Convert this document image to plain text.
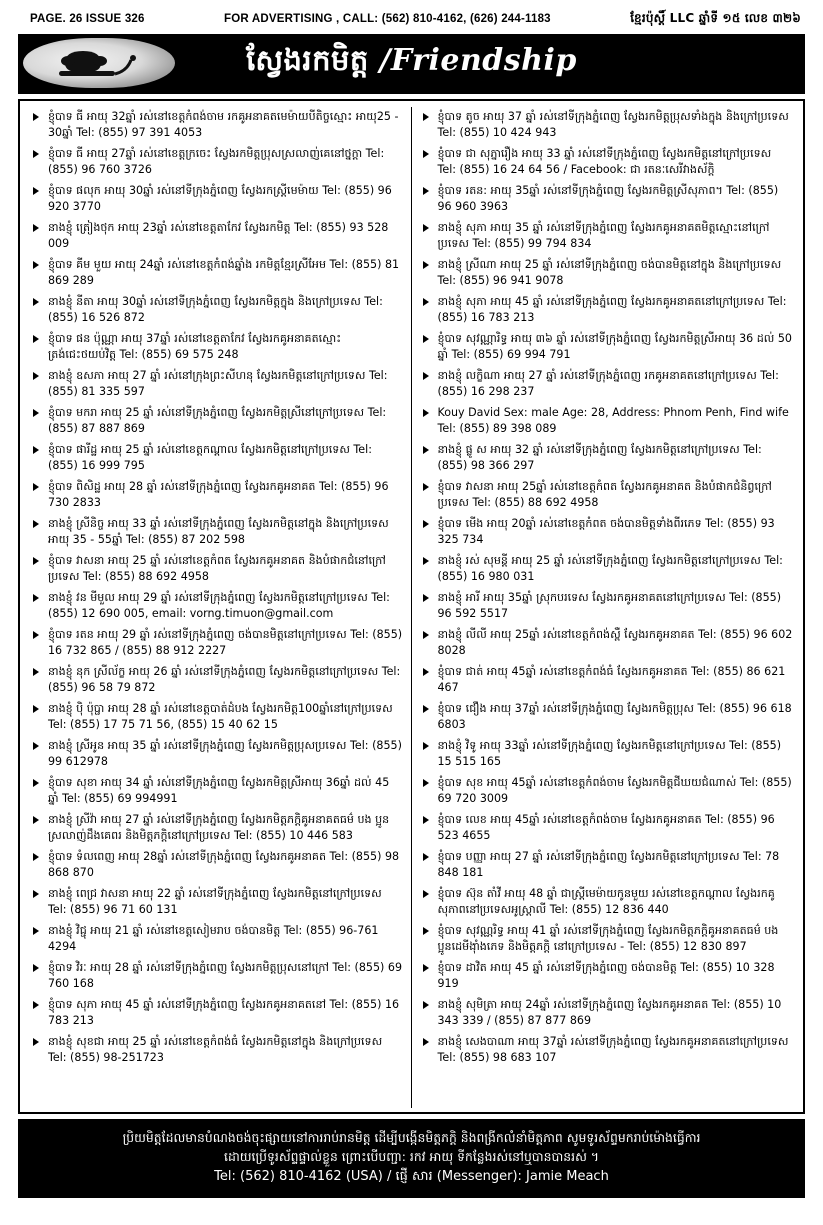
PAGE. 26 ISSUE 326	FOR ADVERTISING , CALL: (562) 810-4162, (626) 244-1183	ខ្មែរប៉ុស្តិ៍ LLC ឆ្នាំទី ១៥ លេខ ៣២៦
ស្វែងរកមិត្ត /Friendship
ខ្ញុំបាទ ធី អាយុ 32ឆ្នាំ រស់នៅខេត្តកំពង់ចាម រកគូអនាគតមេម៉ាយបីតិច្ចស្មោះ អាយុ25 - 30ឆ្នាំ Tel: (855) 97 391 4053
ខ្ញុំបាទ ធី អាយុ 27ឆ្នាំ រស់នៅខេត្តក្រចេះ ស្វែងរកមិត្តប្រុសស្រលាញ់គេនៅថ្នក្តា Tel: (855) 96 760 3726
ខ្ញុំបាទ ផលុក អាយុ 30ឆ្នាំ រស់នៅទីក្រុងភ្នំពេញ ស្វែងរកស្ត្រីមេម៉ាយ Tel: (855) 96 920 3770
នាងខ្ញុំ ត្រៀងថុក អាយុ 23ឆ្នាំ រស់នៅខេត្តតាកែវ ស្វែងរកមិត្ត Tel: (855) 93 528 009
ខ្ញុំបាទ គីម មួយ អាយុ 24ឆ្នាំ រស់នៅខេត្តកំពង់ឆ្នាំង រកមិត្តខ្មែរស្រីអែម Tel: (855) 81 869 289
នាងខ្ញុំ នីតា អាយុ 30ឆ្នាំ រស់នៅទីក្រុងភ្នំពេញ ស្វែងរកមិត្តក្នុង និងក្រៅប្រទេស Tel: (855) 16 526 872
ខ្ញុំបាទ ផន ប៉ុណ្ណា អាយុ 37ឆ្នាំ រស់នៅខេត្តតាកែវ ស្វែងរកគូអនាគតស្មោះត្រង់ជេះថយប់វិត្ត Tel: (855) 69 575 248
នាងខ្ញុំ ឧសភា អាយុ 27 ឆ្នាំ រស់នៅក្រុងព្រះសីហនុ ស្វែងរកមិត្តនៅក្រៅប្រទេស Tel: (855) 81 335 597
ខ្ញុំបាទ មករា អាយុ 25 ឆ្នាំ រស់នៅទីក្រុងភ្នំពេញ ស្វែងរកមិត្តស្រីនៅក្រៅប្រទេស Tel: (855) 87 887 869
ខ្ញុំបាទ ផារីដ្ឋ អាយុ 25 ឆ្នាំ រស់នៅខេត្តកណ្តាល ស្វែងរកមិត្តនៅក្រៅប្រទេស Tel: (855) 16 999 795
ខ្ញុំបាទ ពិសិដ្ឋ អាយុ 28 ឆ្នាំ រស់នៅទីក្រុងភ្នំពេញ ស្វែងរកគូអនាគត Tel: (855) 96 730 2833
នាងខ្ញុំ ស្រីនិច្ច អាយុ 33 ឆ្នាំ រស់នៅទីក្រុងភ្នំពេញ ស្វែងរកមិត្តនៅក្នុង និងក្រៅប្រទេស អាយុ 35 - 55ឆ្នាំ Tel: (855) 87 202 598
ខ្ញុំបាទ វាសនា អាយុ 25 ឆ្នាំ រស់នៅខេត្តកំពត ស្វែងរកគូអនាគត និងបំផាកជំនៅក្រៅប្រទេស Tel: (855) 88 692 4958
នាងខ្ញុំ វន មីមួល អាយុ 29 ឆ្នាំ រស់នៅទីក្រុងភ្នំពេញ ស្វែងរកមិត្តនៅក្រៅប្រទេស Tel: (855) 12 690 005, email: vorng.timuon@gmail.com
ខ្ញុំបាទ រតន អាយុ 29 ឆ្នាំ រស់នៅទីក្រុងភ្នំពេញ ចង់បានមិត្តនៅក្រៅប្រទេស Tel: (855) 16 732 865 / (855) 88 912 2227
នាងខ្ញុំ នុក ស្រីល័ក្ខ អាយុ 26 ឆ្នាំ រស់នៅទីក្រុងភ្នំពេញ ស្វែងរកមិត្តនៅក្រៅប្រទេស Tel: (855) 96 58 79 872
នាងខ្ញុំ ប៉ិ ប៉ុប្ផា អាយុ 28 ឆ្នាំ រស់នៅខេត្តបាត់ដំបង ស្វែងរកមិត្ត100ឆ្នាំនៅក្រៅប្រទេស Tel: (855) 17 75 71 56, (855) 15 40 62 15
នាងខ្ញុំ ស្រីអូន អាយុ 35 ឆ្នាំ រស់នៅទីក្រុងភ្នំពេញ ស្វែងរកមិត្តប្រុសប្រទេស Tel: (855) 99 612978
ខ្ញុំបាទ សុខា អាយុ 34 ឆ្នាំ រស់នៅទីក្រុងភ្នំពេញ ស្វែងរកមិត្តស្រីអាយុ 36ឆ្នាំ ដល់ 45 ឆ្នាំ Tel: (855) 69 994991
នាងខ្ញុំ ស្រីវ៉ា អាយុ 27 ឆ្នាំ រស់នៅទីក្រុងភ្នំពេញ ស្វែងរកមិត្តភក្តិគូអនាគតធម៌ បង ប្អូនស្រលាញ់ដឹងគេពរ និងមិត្តភក្តិនៅក្រៅប្រទេស Tel: (855) 10 446 583
ខ្ញុំបាទ ទំលពេញ អាយុ 28ឆ្នាំ រស់នៅទីក្រុងភ្នំពេញ ស្វែងរកគូអនាគត Tel: (855) 98 868 870
នាងខ្ញុំ ពេជ្រ វាសនា អាយុ 22 ឆ្នាំ រស់នៅទីក្រុងភ្នំពេញ ស្វែងរកមិត្តនៅក្រៅប្រទេស Tel: (855) 96 71 60 131
នាងខ្ញុំ វិជ្ជុ អាយុ 21 ឆ្នាំ រស់នៅខេត្តសៀមរាប ចង់បានមិត្ត Tel: (855) 96-761 4294
ខ្ញុំបាទ វិរៈ អាយុ 28 ឆ្នាំ រស់នៅទីក្រុងភ្នំពេញ ស្វែងរកមិត្តប្រុសនៅក្រៅ Tel: (855) 69 760 168
ខ្ញុំបាទ សុភា អាយុ 45 ឆ្នាំ រស់នៅទីក្រុងភ្នំពេញ ស្វែងរកគូអនាគតនៅ Tel: (855) 16 783 213
នាងខ្ញុំ សុខជា អាយុ 25 ឆ្នាំ រស់នៅខេត្តកំពង់ធំ ស្វែងរកមិត្តនៅក្នុង និងក្រៅប្រទេស Tel: (855) 98-251723
ខ្ញុំបាទ តូច អាយុ 37 ឆ្នាំ រស់នៅទីក្រុងភ្នំពេញ ស្វែងរកមិត្តប្រុសទាំងក្នុង និងក្រៅប្រទេស Tel: (855) 10 424 943
ខ្ញុំបាទ ជា សុភ្នារឿង អាយុ 33 ឆ្នាំ រស់នៅទីក្រុងភ្នំពេញ ស្វែងរកមិត្តនៅក្រៅប្រទេស Tel: (855) 16 24 64 56 / Facebook: ជា រតនៈសេរីវាងស័ក្តិ
ខ្ញុំបាទ រតន: អាយុ 35ឆ្នាំ រស់នៅទីក្រុងភ្នំពេញ ស្វែងរកមិត្តស្រីសុភាព។ Tel: (855) 96 960 3963
នាងខ្ញុំ សុភា អាយុ 35 ឆ្នាំ រស់នៅទីក្រុងភ្នំពេញ ស្វែងរកគូអនាគតមិត្តស្មោះនៅក្រៅប្រទេស Tel: (855) 99 794 834
នាងខ្ញុំ ស្រីណា អាយុ 25 ឆ្នាំ រស់នៅទីក្រុងភ្នំពេញ ចង់បានមិត្តនៅក្នុង និងក្រៅប្រទេស Tel: (855) 96 941 9078
នាងខ្ញុំ សុភា អាយុ 45 ឆ្នាំ រស់នៅទីក្រុងភ្នំពេញ ស្វែងរកគូអនាគតនៅក្រៅប្រទេស Tel: (855) 16 783 213
ខ្ញុំបាទ សុវណ្ណារិទ្ធ អាយុ ៣៦ ឆ្នាំ រស់នៅទីក្រុងភ្នំពេញ ស្វែងរកមិត្តស្រីអាយុ 36 ដល់ 50 ឆ្នាំ Tel: (855) 69 994 791
នាងខ្ញុំ លក្ខិណា អាយុ 27 ឆ្នាំ រស់នៅទីក្រុងភ្នំពេញ រកគូអនាគតនៅក្រៅប្រទេស Tel: (855) 16 298 237
Kouy David Sex: male Age: 28, Address: Phnom Penh, Find wife Tel: (855) 89 398 089
នាងខ្ញុំ ផ្លូ ស អាយុ 32 ឆ្នាំ រស់នៅទីក្រុងភ្នំពេញ ស្វែងរកមិត្តនៅក្រៅប្រទេស Tel: (855) 98 366 297
ខ្ញុំបាទ វាសនា អាយុ 25ឆ្នាំ រស់នៅខេត្តកំពត ស្វែងរកគូអនាគត និងបំផាកជំនិព្វក្រៅប្រទេស Tel: (855) 88 692 4958
ខ្ញុំបាទ មេីង អាយុ 20ឆ្នាំ រស់នៅខេត្តកំពត ចង់បានមិត្តទាំងពីរភេទ Tel: (855) 93 325 734
នាងខ្ញុំ រស់ សុមន្តី អាយុ 25 ឆ្នាំ រស់នៅទីក្រុងភ្នំពេញ ស្វែងរកមិត្តនៅក្រៅប្រទេស Tel: (855) 16 980 031
នាងខ្ញុំ អារី អាយុ 35ឆ្នាំ ស្រុកបរទេស ស្វែងរកគូអនាគតនៅក្រៅប្រទេស Tel: (855) 96 592 5517
នាងខ្ញុំ លីលី អាយុ 25ឆ្នាំ រស់នៅខេត្តកំពង់ស្ពឺ ស្វែងរកគូអនាគត Tel: (855) 96 602 8028
ខ្ញុំបាទ ជាត់ អាយុ 45ឆ្នាំ រស់នៅខេត្តកំពង់ធំ ស្វែងរកគូអនាគត Tel: (855) 86 621 467
ខ្ញុំបាទ ជឿង អាយុ 37ឆ្នាំ រស់នៅទីក្រុងភ្នំពេញ ស្វែងរកមិត្តប្រុស Tel: (855) 96 618 6803
នាងខ្ញុំ វិទូ អាយុ 33ឆ្នាំ រស់នៅទីក្រុងភ្នំពេញ ស្វែងរកមិត្តនៅក្រៅប្រទេស Tel: (855) 15 515 165
ខ្ញុំបាទ សុខ អាយុ 45ឆ្នាំ រស់នៅខេត្តកំពង់ចាម ស្វែងរកមិត្តជីឃយជំណាស់ Tel: (855) 69 720 3009
ខ្ញុំបាទ លេខ អាយុ 45ឆ្នាំ រស់នៅខេត្តកំពង់ចាម ស្វែងរកគូអនាគត Tel: (855) 96 523 4655
ខ្ញុំបាទ បញ្ញា អាយុ 27 ឆ្នាំ រស់នៅទីក្រុងភ្នំពេញ ស្វែងរកមិត្តនៅក្រៅប្រទេស Tel: 78 848 181
ខ្ញុំបាទ ស៊ុន តាំវី អាយុ 48 ឆ្នាំ ជាស្ត្រីមេម៉ាយកូនមួយ រស់នៅខេត្តកណ្តាល ស្វែងរកគូសុភាពនៅប្រទេសអូស្ត្រាលី Tel: (855) 12 836 440
ខ្ញុំបាទ សុវណ្ណរិទ្ធ អាយុ 41 ឆ្នាំ រស់នៅទីក្រុងភ្នំពេញ ស្វែងរកមិត្តភក្តិគូអនាគតធម៌ បង ប្អូនដេមីង៉ាំងភេទ និងមិត្តភក្តិ នៅក្រៅប្រទេស - Tel: (855) 12 830 897
ខ្ញុំបាទ ដាវិត អាយុ 45 ឆ្នាំ រស់នៅទីក្រុងភ្នំពេញ ចង់បានមិត្ត Tel: (855) 10 328 919
នាងខ្ញុំ សុមិត្រា អាយុ 24ឆ្នាំ រស់នៅទីក្រុងភ្នំពេញ ស្វែងរកគូអនាគត Tel: (855) 10 343 339 / (855) 87 877 869
នាងខ្ញុំ សេងបាណា អាយុ 37ឆ្នាំ រស់នៅទីក្រុងភ្នំពេញ ស្វែងរកគូអនាគតនៅក្រៅប្រទេស Tel: (855) 98 683 107
ប្រិយមិត្តដែលមានបំណងចង់ចុះផ្សាយនៅការរាប់រានមិត្ត ដើម្បីបង្កើនមិត្តភក្តិ និងពង្រីកលំនាំមិត្តភាព សូមទូរស័ព្ទមករាប់ម៉ោងធ្វើការ
ដោយប្រើទូរស័ព្ទផ្ទាល់ខ្លួន ព្រោះបើបញ្ជា: រកវ អាយុ ទីកន្លែងរស់នៅឬបានបានរស់ ។
Tel: (562) 810-4162 (USA) / ផ្ញើ សារ (Messenger): Jamie Meach
